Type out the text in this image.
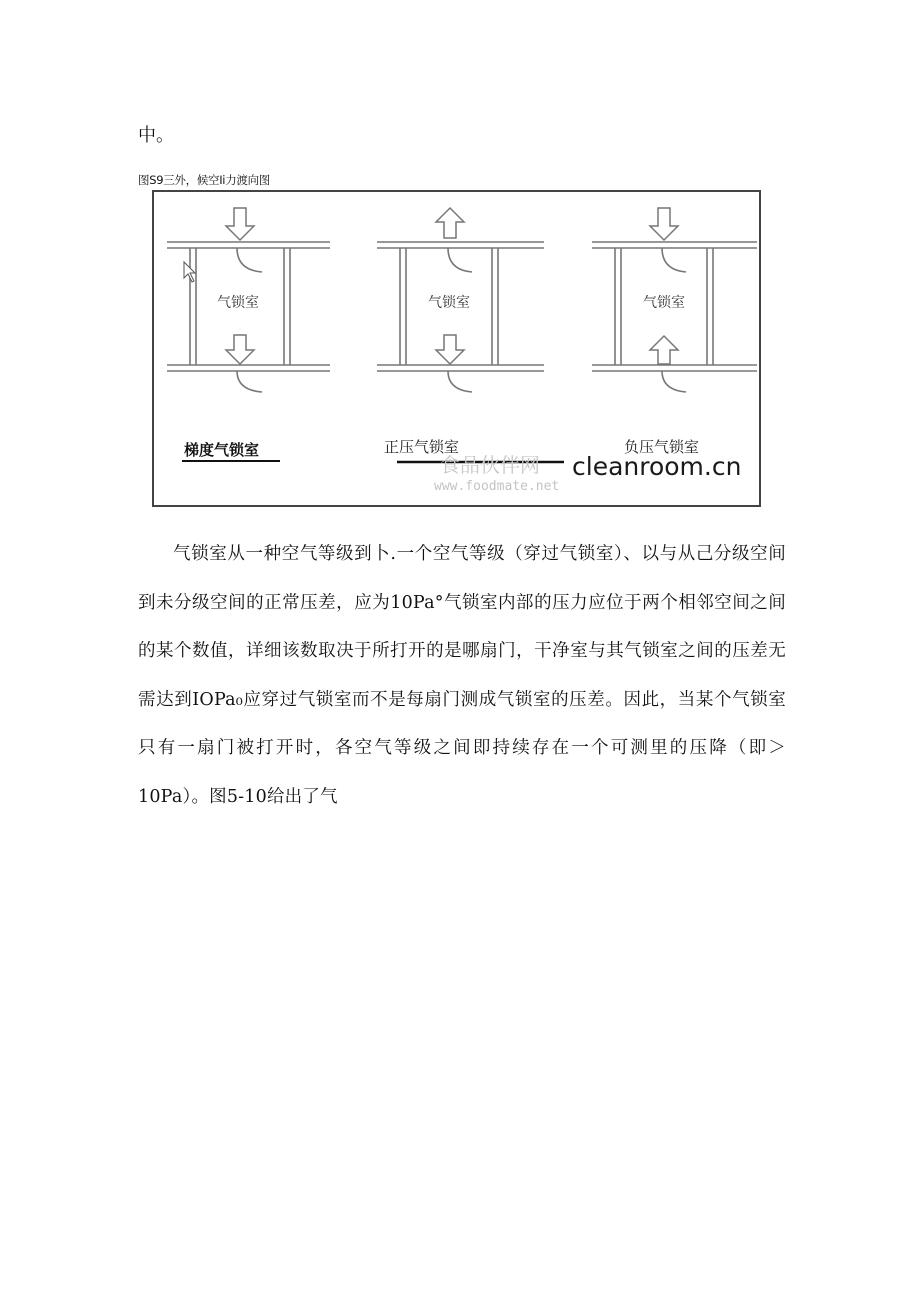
中。
图S9三外，候空Ii力渡向图
气锁室
梯度气锁室
气锁室
正压气锁室
气锁室
负压气锁室
食品伙伴网
www.foodmate.net
cleanroom.cn

气锁室从一种空气等级到卜.一个空气等级（穿过气锁室）、以与从己分级空间到未分级空间的正常压差，应为10Pa°气锁室内部的压力应位于两个相邻空间之间的某个数值，详细该数取决于所打开的是哪扇门，干净室与其气锁室之间的压差无需达到IOPa₀应穿过气锁室而不是每扇门测成气锁室的压差。因此，当某个气锁室只有一扇门被打开时，各空气等级之间即持续存在一个可测里的压降（即＞10Pa）。图5-10给出了气
